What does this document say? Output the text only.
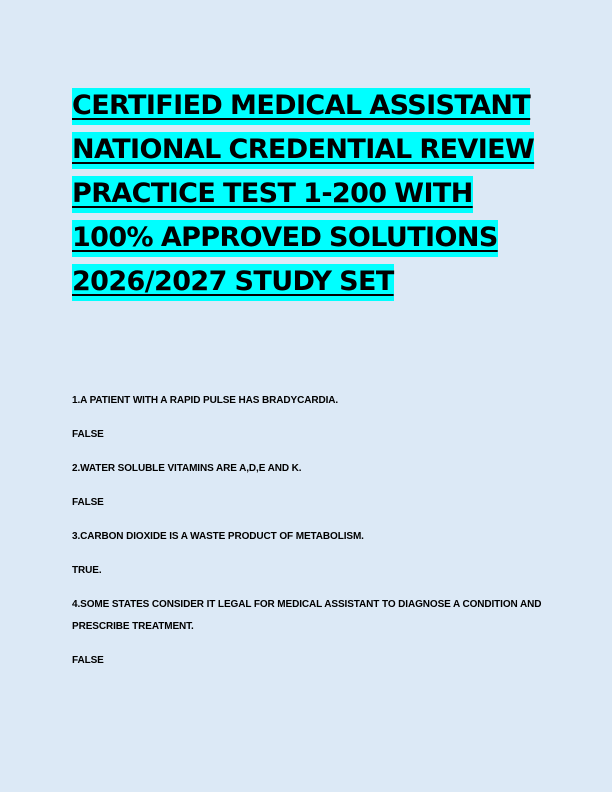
CERTIFIED MEDICAL ASSISTANT NATIONAL CREDENTIAL REVIEW PRACTICE TEST 1-200 WITH 100% APPROVED SOLUTIONS 2026/2027 STUDY SET

1.A PATIENT WITH A RAPID PULSE HAS BRADYCARDIA.

FALSE

2.WATER SOLUBLE VITAMINS ARE A,D,E AND K.

FALSE

3.CARBON DIOXIDE IS A WASTE PRODUCT OF METABOLISM.

TRUE.

4.SOME STATES CONSIDER IT LEGAL FOR MEDICAL ASSISTANT TO DIAGNOSE A CONDITION AND PRESCRIBE TREATMENT.

FALSE
